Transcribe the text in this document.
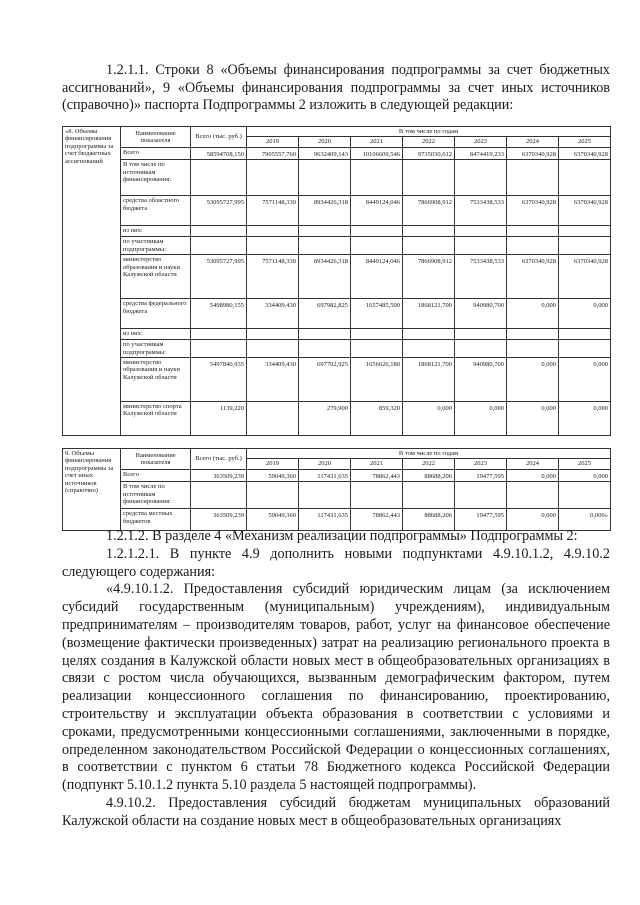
1.2.1.1. Строки 8 «Объемы финансирования подпрограммы за счет бюджетных ассигнований», 9 «Объемы финансирования подпрограммы за счет иных источников (справочно)» паспорта Подпрограммы 2 изложить в следующей редакции:

«8. Объемы финансирования подпрограммы за счет бюджетных ассигнований	Наименование показателя	Всего (тыс. руб.)	В том числе по годам						
			2019	2020	2021	2022	2023	2024	2025
	Всего	58594708,150	7905557,760	9632409,143	10106609,546	9735030,612	8474419,233	6370340,928	6370340,928
	В том числе по источникам финансирования:								
	средства областного бюджета	53095727,995	7571148,330	8934426,318	8449124,046	7866908,912	7533438,533	6370340,928	6370340,928
	из них:								
	по участникам подпрограммы:								
	министерство образования и науки Калужской области	53095727,995	7571148,330	8934426,318	8449124,046	7866908,912	7533438,533	6370340,928	6370340,928
	средства федерального бюджета	5498980,155	334409,430	697982,825	1657485,500	1868121,700	940980,700	0,000	0,000
	из них:								
	по участникам подпрограммы:								
	министерство образования и науки Калужской области	5497840,935	334409,430	697702,925	1656626,180	1868121,700	940980,700	0,000	0,000
	министерство спорта Калужской области	1139,220		279,900	859,320	0,000	0,000	0,000	0,000
9. Объемы финансирования подпрограммы за счет иных источников (справочно)	Наименование показателя	Всего (тыс. руб.)	В том числе по годам						
			2019	2020	2021	2022	2023	2024	2025
	Всего	363509,239	59049,360	117431,635	78862,443	88688,206	19477,595	0,000	0,000
	В том числе по источникам финансирования:								
	средства местных бюджетов	363509,239	59049,360	117431,635	78862,443	88688,206	19477,595	0,000	0,000»

1.2.1.2. В разделе 4 «Механизм реализации подпрограммы» Подпрограммы 2:

1.2.1.2.1. В пункте 4.9 дополнить новыми подпунктами 4.9.10.1.2, 4.9.10.2 следующего содержания:

«4.9.10.1.2. Предоставления субсидий юридическим лицам (за исключением субсидий государственным (муниципальным) учреждениям), индивидуальным предпринимателям – производителям товаров, работ, услуг на финансовое обеспечение (возмещение фактически произведенных) затрат на реализацию регионального проекта в целях создания в Калужской области новых мест в общеобразовательных организациях в связи с ростом числа обучающихся, вызванным демографическим фактором, путем реализации концессионного соглашения по финансированию, проектированию, строительству и эксплуатации объекта образования в соответствии с условиями и сроками, предусмотренными концессионными соглашениями, заключенными в порядке, определенном законодательством Российской Федерации о концессионных соглашениях, в соответствии с пунктом 6 статьи 78 Бюджетного кодекса Российской Федерации (подпункт 5.10.1.2 пункта 5.10 раздела 5 настоящей подпрограммы).

4.9.10.2. Предоставления субсидий бюджетам муниципальных образований Калужской области на создание новых мест в общеобразовательных организациях
